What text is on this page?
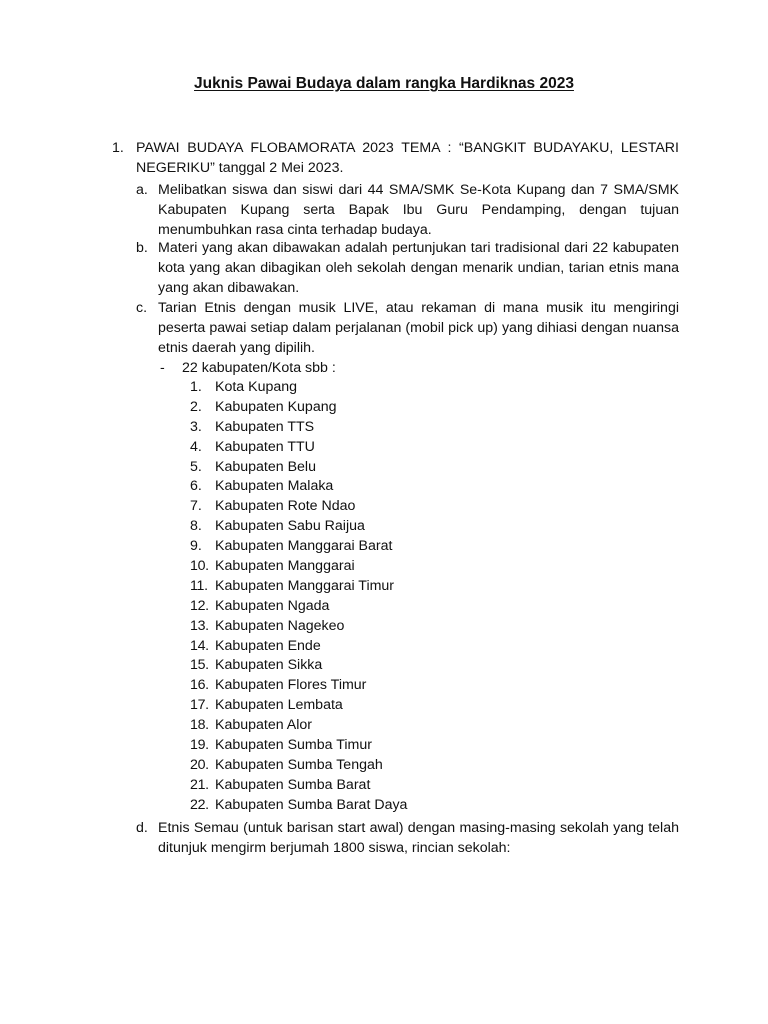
Juknis Pawai Budaya dalam rangka Hardiknas 2023
1. PAWAI BUDAYA FLOBAMORATA 2023 TEMA : “BANGKIT BUDAYAKU, LESTARI NEGERIKU” tanggal 2 Mei 2023.
a. Melibatkan siswa dan siswi dari 44 SMA/SMK Se-Kota Kupang dan 7 SMA/SMK Kabupaten Kupang serta Bapak Ibu Guru Pendamping, dengan tujuan menumbuhkan rasa cinta terhadap budaya.
b. Materi yang akan dibawakan adalah pertunjukan tari tradisional dari 22 kabupaten kota yang akan dibagikan oleh sekolah dengan menarik undian, tarian etnis mana yang akan dibawakan.
c. Tarian Etnis dengan musik LIVE, atau rekaman di mana musik itu mengiringi peserta pawai setiap dalam perjalanan (mobil pick up) yang dihiasi dengan nuansa etnis daerah yang dipilih.
- 22 kabupaten/Kota sbb :
1. Kota Kupang
2. Kabupaten Kupang
3. Kabupaten TTS
4. Kabupaten TTU
5. Kabupaten Belu
6. Kabupaten Malaka
7. Kabupaten Rote Ndao
8. Kabupaten Sabu Raijua
9. Kabupaten Manggarai Barat
10. Kabupaten Manggarai
11. Kabupaten Manggarai Timur
12. Kabupaten Ngada
13. Kabupaten Nagekeo
14. Kabupaten Ende
15. Kabupaten Sikka
16. Kabupaten Flores Timur
17. Kabupaten Lembata
18. Kabupaten Alor
19. Kabupaten Sumba Timur
20. Kabupaten Sumba Tengah
21. Kabupaten Sumba Barat
22. Kabupaten Sumba Barat Daya
d. Etnis Semau (untuk barisan start awal) dengan masing-masing sekolah yang telah ditunjuk mengirm berjumah 1800 siswa, rincian sekolah:
